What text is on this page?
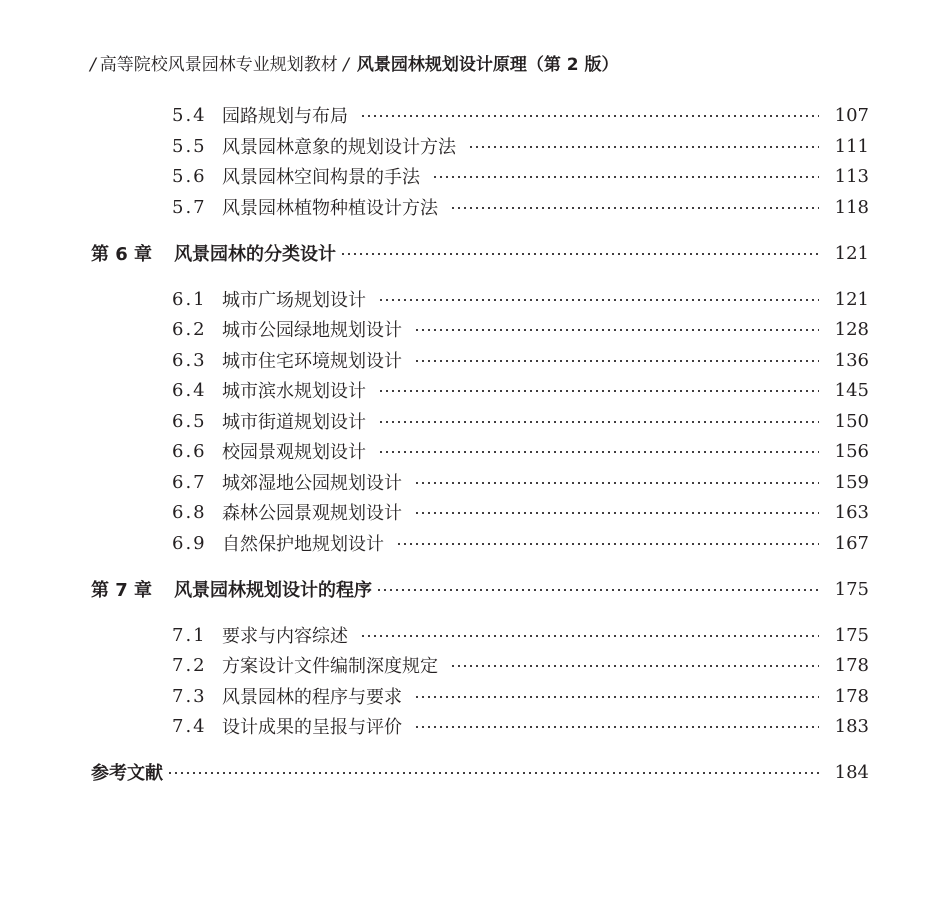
/ 高等院校风景园林专业规划教材 / 风景园林规划设计原理（第 2 版）
5.4 园路规划与布局	107
5.5 风景园林意象的规划设计方法	111
5.6 风景园林空间构景的手法	113
5.7 风景园林植物种植设计方法	118
第 6 章 风景园林的分类设计	121
6.1 城市广场规划设计	121
6.2 城市公园绿地规划设计	128
6.3 城市住宅环境规划设计	136
6.4 城市滨水规划设计	145
6.5 城市街道规划设计	150
6.6 校园景观规划设计	156
6.7 城郊湿地公园规划设计	159
6.8 森林公园景观规划设计	163
6.9 自然保护地规划设计	167
第 7 章 风景园林规划设计的程序	175
7.1 要求与内容综述	175
7.2 方案设计文件编制深度规定	178
7.3 风景园林的程序与要求	178
7.4 设计成果的呈报与评价	183
参考文献	184
